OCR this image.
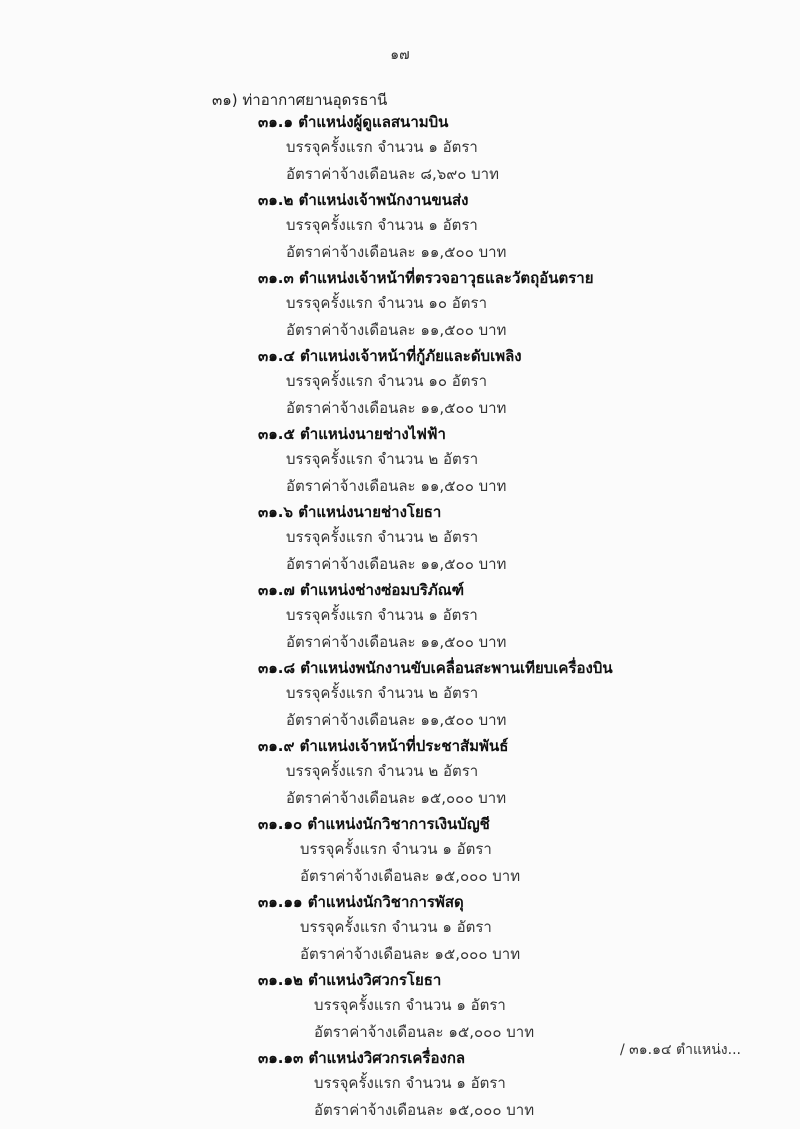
๑๗
๓๑) ท่าอากาศยานอุดรธานี
๓๑.๑ ตำแหน่งผู้ดูแลสนามบิน
บรรจุครั้งแรก จำนวน ๑ อัตรา
อัตราค่าจ้างเดือนละ ๘,๖๙๐ บาท
๓๑.๒ ตำแหน่งเจ้าพนักงานขนส่ง
บรรจุครั้งแรก จำนวน ๑ อัตรา
อัตราค่าจ้างเดือนละ ๑๑,๕๐๐ บาท
๓๑.๓ ตำแหน่งเจ้าหน้าที่ตรวจอาวุธและวัตถุอันตราย
บรรจุครั้งแรก จำนวน ๑๐ อัตรา
อัตราค่าจ้างเดือนละ ๑๑,๕๐๐ บาท
๓๑.๔ ตำแหน่งเจ้าหน้าที่กู้ภัยและดับเพลิง
บรรจุครั้งแรก จำนวน ๑๐ อัตรา
อัตราค่าจ้างเดือนละ ๑๑,๕๐๐ บาท
๓๑.๕ ตำแหน่งนายช่างไฟฟ้า
บรรจุครั้งแรก จำนวน ๒ อัตรา
อัตราค่าจ้างเดือนละ ๑๑,๕๐๐ บาท
๓๑.๖ ตำแหน่งนายช่างโยธา
บรรจุครั้งแรก จำนวน ๒ อัตรา
อัตราค่าจ้างเดือนละ ๑๑,๕๐๐ บาท
๓๑.๗ ตำแหน่งช่างซ่อมบริภัณฑ์
บรรจุครั้งแรก จำนวน ๑ อัตรา
อัตราค่าจ้างเดือนละ ๑๑,๕๐๐ บาท
๓๑.๘ ตำแหน่งพนักงานขับเคลื่อนสะพานเทียบเครื่องบิน
บรรจุครั้งแรก จำนวน ๒ อัตรา
อัตราค่าจ้างเดือนละ ๑๑,๕๐๐ บาท
๓๑.๙ ตำแหน่งเจ้าหน้าที่ประชาสัมพันธ์
บรรจุครั้งแรก จำนวน ๒ อัตรา
อัตราค่าจ้างเดือนละ ๑๕,๐๐๐ บาท
๓๑.๑๐ ตำแหน่งนักวิชาการเงินบัญชี
บรรจุครั้งแรก จำนวน ๑ อัตรา
อัตราค่าจ้างเดือนละ ๑๕,๐๐๐ บาท
๓๑.๑๑ ตำแหน่งนักวิชาการพัสดุ
บรรจุครั้งแรก จำนวน ๑ อัตรา
อัตราค่าจ้างเดือนละ ๑๕,๐๐๐ บาท
๓๑.๑๒ ตำแหน่งวิศวกรโยธา
บรรจุครั้งแรก จำนวน ๑ อัตรา
อัตราค่าจ้างเดือนละ ๑๕,๐๐๐ บาท
๓๑.๑๓ ตำแหน่งวิศวกรเครื่องกล
บรรจุครั้งแรก จำนวน ๑ อัตรา
อัตราค่าจ้างเดือนละ ๑๕,๐๐๐ บาท
/ ๓๑.๑๔ ตำแหน่ง...
